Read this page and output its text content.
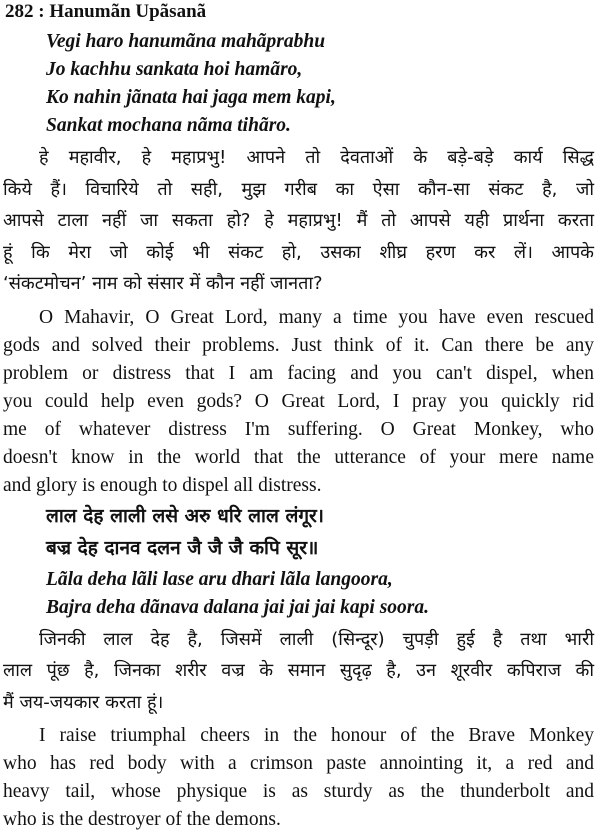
282 : Hanumãn Upãsanã
Vegi haro hanumãna mahãprabhu
Jo kachhu sankata hoi hamãro,
Ko nahin jãnata hai jaga mem kapi,
Sankat mochana nãma tihãro.
हे महावीर, हे महाप्रभु! आपने तो देवताओं के बड़े-बड़े कार्य सिद्ध
किये हैं। विचारिये तो सही, मुझ गरीब का ऐसा कौन-सा संकट है, जो
आपसे टाला नहीं जा सकता हो? हे महाप्रभु! मैं तो आपसे यही प्रार्थना करता
हूं कि मेरा जो कोई भी संकट हो, उसका शीघ्र हरण कर लें। आपके
‘संकटमोचन’ नाम को संसार में कौन नहीं जानता?
O Mahavir, O Great Lord, many a time you have even rescued
gods and solved their problems. Just think of it. Can there be any
problem or distress that I am facing and you can't dispel, when
you could help even gods? O Great Lord, I pray you quickly rid
me of whatever distress I'm suffering. O Great Monkey, who
doesn't know in the world that the utterance of your mere name
and glory is enough to dispel all distress.
लाल देह लाली लसे अरु धरि लाल लंगूर।
बज्र देह दानव दलन जै जै जै कपि सूर॥
Lãla deha lãli lase aru dhari lãla langoora,
Bajra deha dãnava dalana jai jai jai kapi soora.
जिनकी लाल देह है, जिसमें लाली (सिन्दूर) चुपड़ी हुई है तथा भारी
लाल पूंछ है, जिनका शरीर वज्र के समान सुदृढ़ है, उन शूरवीर कपिराज की
मैं जय-जयकार करता हूं।
I raise triumphal cheers in the honour of the Brave Monkey
who has red body with a crimson paste annointing it, a red and
heavy tail, whose physique is as sturdy as the thunderbolt and
who is the destroyer of the demons.
